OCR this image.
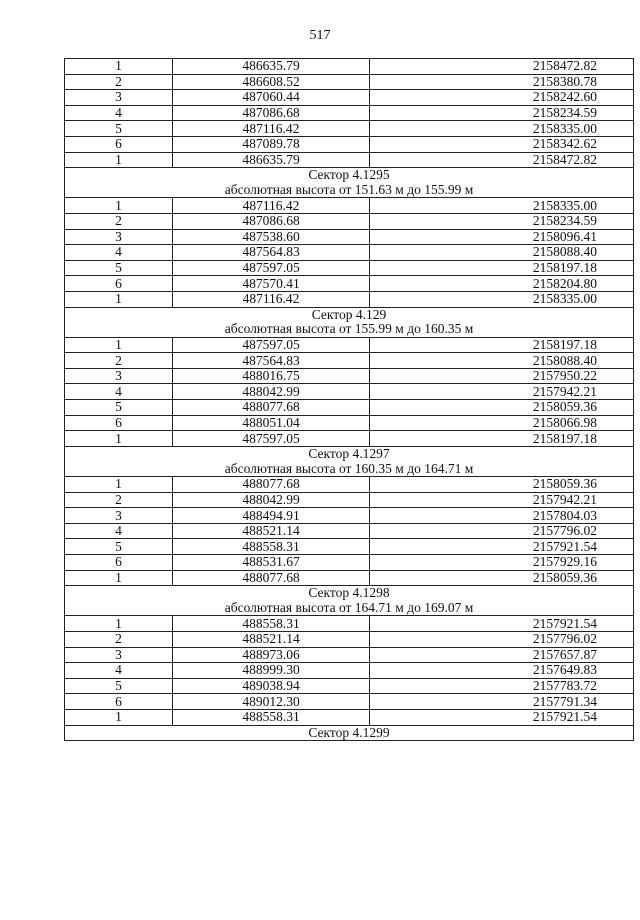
517
1	486635.79	2158472.82
2	486608.52	2158380.78
3	487060.44	2158242.60
4	487086.68	2158234.59
5	487116.42	2158335.00
6	487089.78	2158342.62
1	486635.79	2158472.82
Сектор 4.1295		
абсолютная высота от 151.63 м до 155.99 м		
1	487116.42	2158335.00
2	487086.68	2158234.59
3	487538.60	2158096.41
4	487564.83	2158088.40
5	487597.05	2158197.18
6	487570.41	2158204.80
1	487116.42	2158335.00
Сектор 4.129		
абсолютная высота от 155.99 м до 160.35 м		
1	487597.05	2158197.18
2	487564.83	2158088.40
3	488016.75	2157950.22
4	488042.99	2157942.21
5	488077.68	2158059.36
6	488051.04	2158066.98
1	487597.05	2158197.18
Сектор 4.1297		
абсолютная высота от 160.35 м до 164.71 м		
1	488077.68	2158059.36
2	488042.99	2157942.21
3	488494.91	2157804.03
4	488521.14	2157796.02
5	488558.31	2157921.54
6	488531.67	2157929.16
1	488077.68	2158059.36
Сектор 4.1298		
абсолютная высота от 164.71 м до 169.07 м		
1	488558.31	2157921.54
2	488521.14	2157796.02
3	488973.06	2157657.87
4	488999.30	2157649.83
5	489038.94	2157783.72
6	489012.30	2157791.34
1	488558.31	2157921.54
Сектор 4.1299		
